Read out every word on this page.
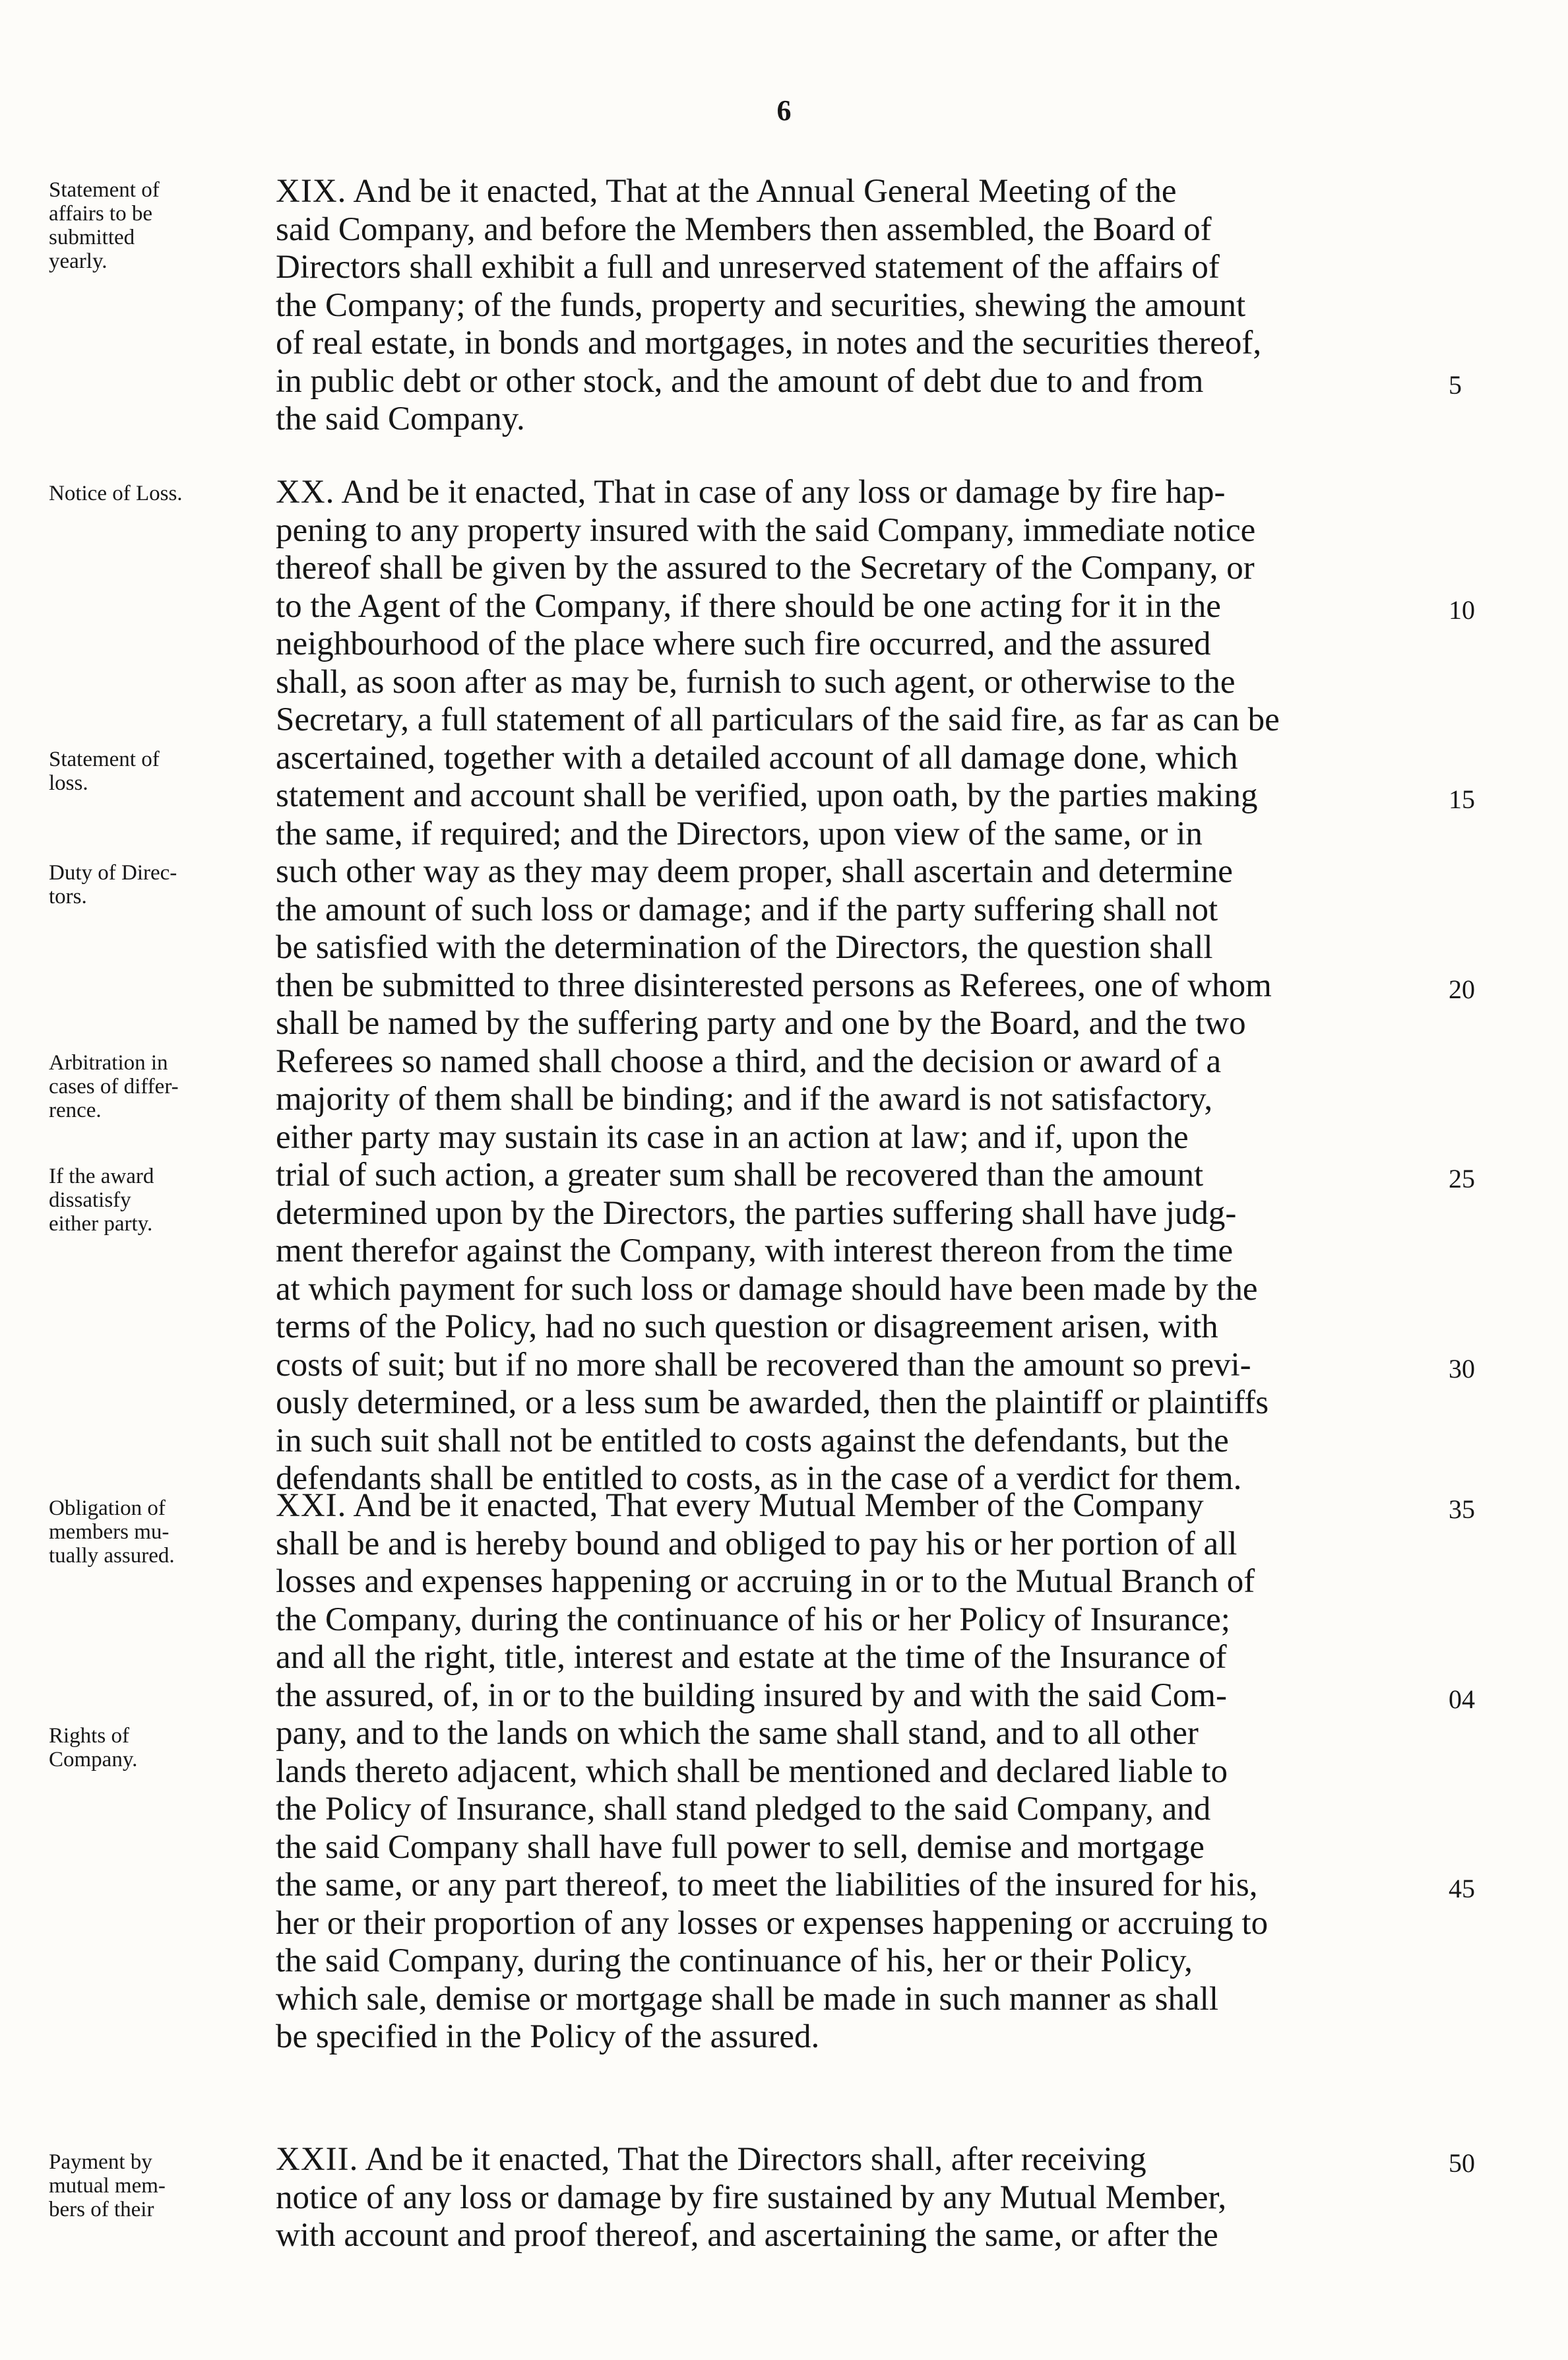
6
XIX. And be it enacted, That at the Annual General Meeting of the
said Company, and before the Members then assembled, the Board of
Directors shall exhibit a full and unreserved statement of the affairs of
the Company; of the funds, property and securities, shewing the amount
of real estate, in bonds and mortgages, in notes and the securities thereof,
in public debt or other stock, and the amount of debt due to and from
the said Company.
Statement of
affairs to be
submitted
yearly.
5
XX. And be it enacted, That in case of any loss or damage by fire hap-
pening to any property insured with the said Company, immediate notice
thereof shall be given by the assured to the Secretary of the Company, or
to the Agent of the Company, if there should be one acting for it in the
neighbourhood of the place where such fire occurred, and the assured
shall, as soon after as may be, furnish to such agent, or otherwise to the
Secretary, a full statement of all particulars of the said fire, as far as can be
ascertained, together with a detailed account of all damage done, which
statement and account shall be verified, upon oath, by the parties making
the same, if required; and the Directors, upon view of the same, or in
such other way as they may deem proper, shall ascertain and determine
the amount of such loss or damage; and if the party suffering shall not
be satisfied with the determination of the Directors, the question shall
then be submitted to three disinterested persons as Referees, one of whom
shall be named by the suffering party and one by the Board, and the two
Referees so named shall choose a third, and the decision or award of a
majority of them shall be binding; and if the award is not satisfactory,
either party may sustain its case in an action at law; and if, upon the
trial of such action, a greater sum shall be recovered than the amount
determined upon by the Directors, the parties suffering shall have judg-
ment therefor against the Company, with interest thereon from the time
at which payment for such loss or damage should have been made by the
terms of the Policy, had no such question or disagreement arisen, with
costs of suit; but if no more shall be recovered than the amount so previ-
ously determined, or a less sum be awarded, then the plaintiff or plaintiffs
in such suit shall not be entitled to costs against the defendants, but the
defendants shall be entitled to costs, as in the case of a verdict for them.
Notice of Loss.
Statement of
loss.
Duty of Direc-
tors.
Arbitration in
cases of differ-
rence.
If the award
dissatisfy
either party.
10
15
20
25
30
XXI. And be it enacted, That every Mutual Member of the Company
shall be and is hereby bound and obliged to pay his or her portion of all
losses and expenses happening or accruing in or to the Mutual Branch of
the Company, during the continuance of his or her Policy of Insurance;
and all the right, title, interest and estate at the time of the Insurance of
the assured, of, in or to the building insured by and with the said Com-
pany, and to the lands on which the same shall stand, and to all other
lands thereto adjacent, which shall be mentioned and declared liable to
the Policy of Insurance, shall stand pledged to the said Company, and
the said Company shall have full power to sell, demise and mortgage
the same, or any part thereof, to meet the liabilities of the insured for his,
her or their proportion of any losses or expenses happening or accruing to
the said Company, during the continuance of his, her or their Policy,
which sale, demise or mortgage shall be made in such manner as shall
be specified in the Policy of the assured.
Obligation of
members mu-
tually assured.
Rights of
Company.
35
04
45
XXII. And be it enacted, That the Directors shall, after receiving
notice of any loss or damage by fire sustained by any Mutual Member,
with account and proof thereof, and ascertaining the same, or after the
Payment by
mutual mem-
bers of their
50
